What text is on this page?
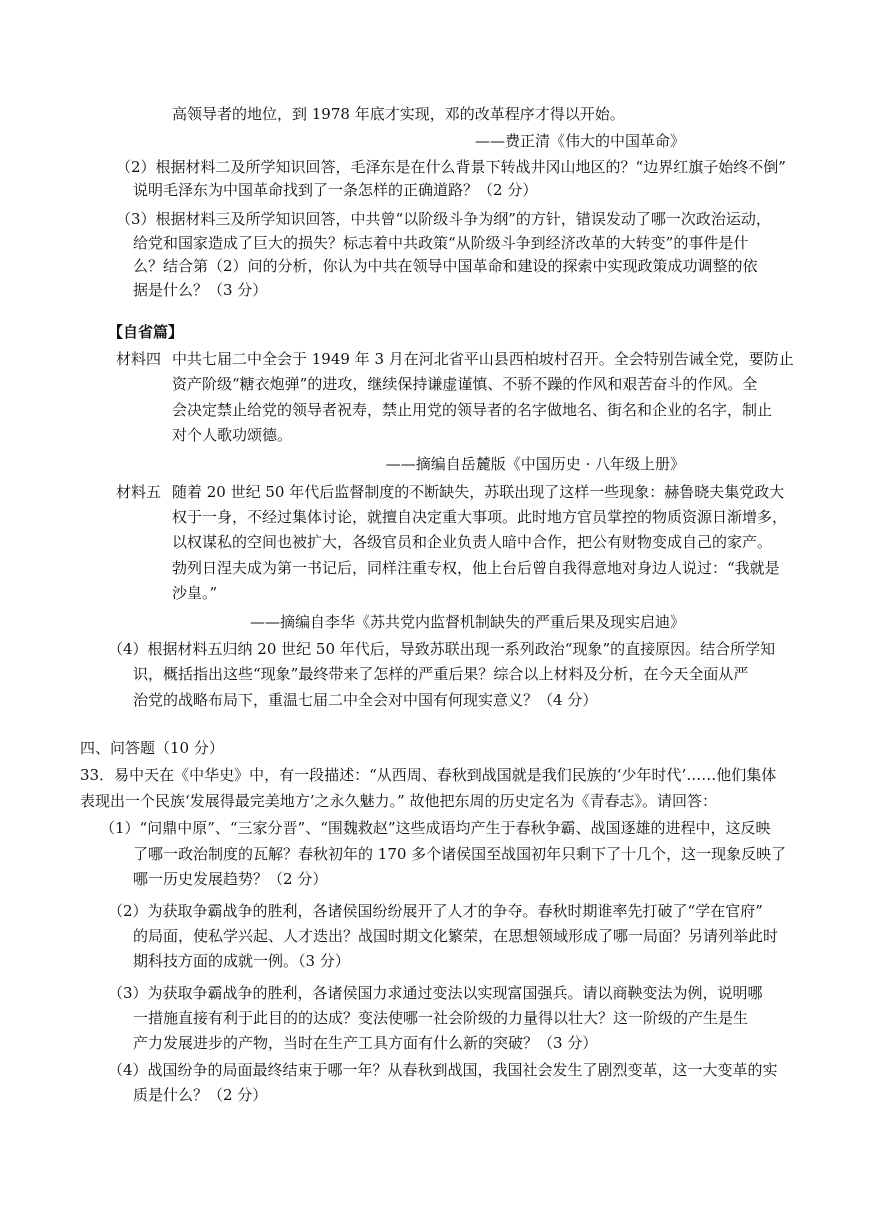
高领导者的地位，到 1978 年底才实现，邓的改革程序才得以开始。
——费正清《伟大的中国革命》
（2）根据材料二及所学知识回答，毛泽东是在什么背景下转战井冈山地区的？“边界红旗子始终不倒”
说明毛泽东为中国革命找到了一条怎样的正确道路？（2 分）
（3）根据材料三及所学知识回答，中共曾“以阶级斗争为纲”的方针，错误发动了哪一次政治运动，
给党和国家造成了巨大的损失？标志着中共政策“从阶级斗争到经济改革的大转变”的事件是什
么？结合第（2）问的分析，你认为中共在领导中国革命和建设的探索中实现政策成功调整的依
据是什么？（3 分）
【自省篇】
材料四 中共七届二中全会于 1949 年 3 月在河北省平山县西柏坡村召开。全会特别告诫全党，要防止
资产阶级“糖衣炮弹”的进攻，继续保持谦虚谨慎、不骄不躁的作风和艰苦奋斗的作风。全
会决定禁止给党的领导者祝寿，禁止用党的领导者的名字做地名、街名和企业的名字，制止
对个人歌功颂德。
——摘编自岳麓版《中国历史 · 八年级上册》
材料五 随着 20 世纪 50 年代后监督制度的不断缺失，苏联出现了这样一些现象：赫鲁晓夫集党政大
权于一身，不经过集体讨论，就擅自决定重大事项。此时地方官员掌控的物质资源日渐增多，
以权谋私的空间也被扩大，各级官员和企业负责人暗中合作，把公有财物变成自己的家产。
勃列日涅夫成为第一书记后，同样注重专权，他上台后曾自我得意地对身边人说过：“我就是
沙皇。”
——摘编自李华《苏共党内监督机制缺失的严重后果及现实启迪》
（4）根据材料五归纳 20 世纪 50 年代后，导致苏联出现一系列政治“现象”的直接原因。结合所学知
识，概括指出这些“现象”最终带来了怎样的严重后果？综合以上材料及分析，在今天全面从严
治党的战略布局下，重温七届二中全会对中国有何现实意义？（4 分）
四、问答题（10 分）
33．易中天在《中华史》中，有一段描述：“从西周、春秋到战国就是我们民族的‘少年时代’……他们集体
表现出一个民族‘发展得最完美地方’之永久魅力。” 故他把东周的历史定名为《青春志》。请回答：
（1）“问鼎中原”、“三家分晋”、“围魏救赵”这些成语均产生于春秋争霸、战国逐雄的进程中，这反映
了哪一政治制度的瓦解？春秋初年的 170 多个诸侯国至战国初年只剩下了十几个，这一现象反映了
哪一历史发展趋势？（2 分）
（2）为获取争霸战争的胜利，各诸侯国纷纷展开了人才的争夺。春秋时期谁率先打破了“学在官府”
的局面，使私学兴起、人才迭出？战国时期文化繁荣，在思想领域形成了哪一局面？另请列举此时
期科技方面的成就一例。（3 分）
（3）为获取争霸战争的胜利，各诸侯国力求通过变法以实现富国强兵。请以商鞅变法为例，说明哪
一措施直接有利于此目的的达成？变法使哪一社会阶级的力量得以壮大？这一阶级的产生是生
产力发展进步的产物，当时在生产工具方面有什么新的突破？（3 分）
（4）战国纷争的局面最终结束于哪一年？从春秋到战国，我国社会发生了剧烈变革，这一大变革的实
质是什么？（2 分）
